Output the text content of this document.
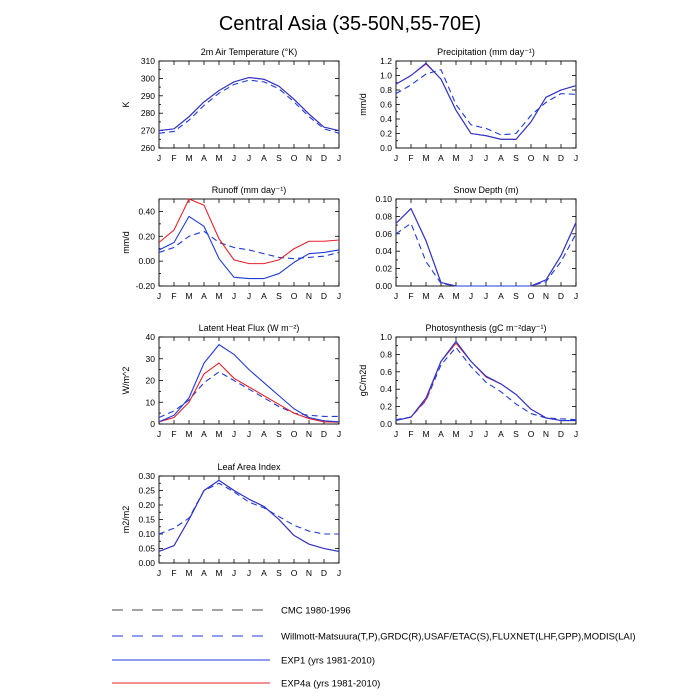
Central Asia (35-50N,55-70E)
2m Air Temperature (°K)
J F M A M J J A S O N D J
260
270
280
290
300
310
K
Precipitation (mm day⁻¹)
J F M A M J J A S O N D J
0.0
0.2
0.4
0.6
0.8
1.0
1.2
mm/d
Runoff (mm day⁻¹)
J F M A M J J A S O N D J
-0.20
0.00
0.20
0.40
mm/d
Snow Depth (m)
J F M A M J J A S O N D J
0.00
0.02
0.04
0.06
0.08
0.10
Latent Heat Flux (W m⁻²)
J F M A M J J A S O N D J
0
10
20
30
40
W/m^2
Photosynthesis (gC m⁻²day⁻¹)
J F M A M J J A S O N D J
0.0
0.2
0.4
0.6
0.8
1.0
gC/m2d
Leaf Area Index
J F M A M J J A S O N D J
0.00
0.05
0.10
0.15
0.20
0.25
0.30
m2/m2
CMC 1980-1996
Willmott-Matsuura(T,P),GRDC(R),USAF/ETAC(S),FLUXNET(LHF,GPP),MODIS(LAI)
EXP1 (yrs 1981-2010)
EXP4a (yrs 1981-2010)
